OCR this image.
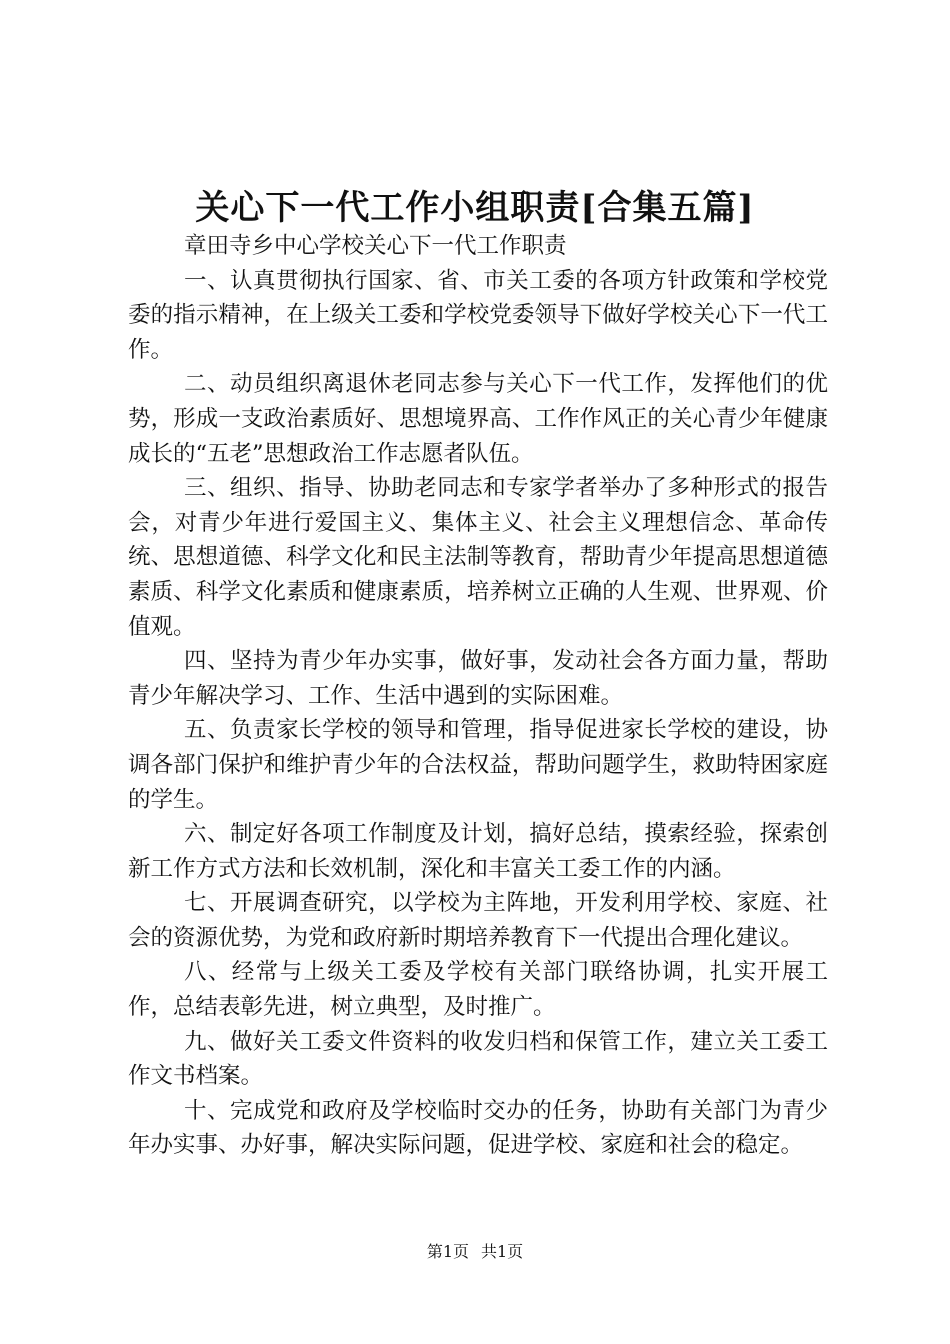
关心下一代工作小组职责[合集五篇]

章田寺乡中心学校关心下一代工作职责

一、认真贯彻执行国家、省、市关工委的各项方针政策和学校党委的指示精神，在上级关工委和学校党委领导下做好学校关心下一代工作。

二、动员组织离退休老同志参与关心下一代工作，发挥他们的优势，形成一支政治素质好、思想境界高、工作作风正的关心青少年健康成长的“五老”思想政治工作志愿者队伍。

三、组织、指导、协助老同志和专家学者举办了多种形式的报告会，对青少年进行爱国主义、集体主义、社会主义理想信念、革命传统、思想道德、科学文化和民主法制等教育，帮助青少年提高思想道德素质、科学文化素质和健康素质，培养树立正确的人生观、世界观、价值观。

四、坚持为青少年办实事，做好事，发动社会各方面力量，帮助青少年解决学习、工作、生活中遇到的实际困难。

五、负责家长学校的领导和管理，指导促进家长学校的建设，协调各部门保护和维护青少年的合法权益，帮助问题学生，救助特困家庭的学生。

六、制定好各项工作制度及计划，搞好总结，摸索经验，探索创新工作方式方法和长效机制，深化和丰富关工委工作的内涵。

七、开展调查研究，以学校为主阵地，开发利用学校、家庭、社会的资源优势，为党和政府新时期培养教育下一代提出合理化建议。

八、经常与上级关工委及学校有关部门联络协调，扎实开展工作，总结表彰先进，树立典型，及时推广。

九、做好关工委文件资料的收发归档和保管工作，建立关工委工作文书档案。

十、完成党和政府及学校临时交办的任务，协助有关部门为青少年办实事、办好事，解决实际问题，促进学校、家庭和社会的稳定。

第1页 共1页
